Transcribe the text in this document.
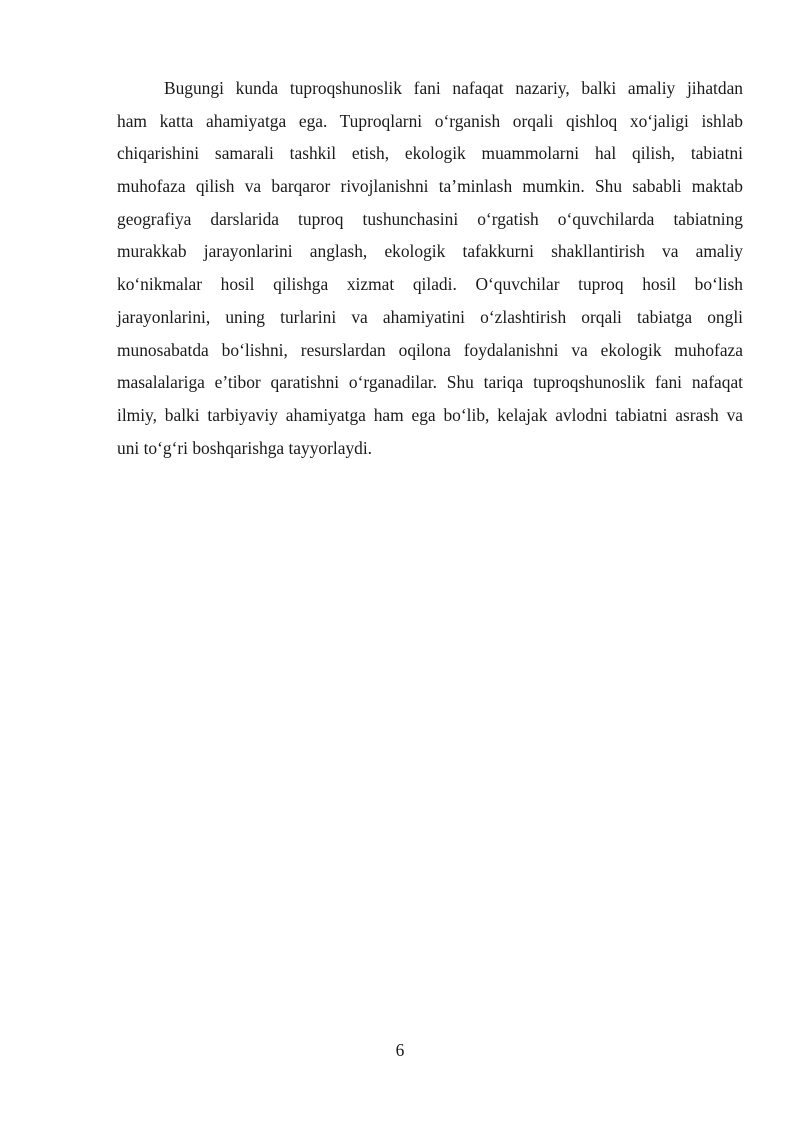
Bugungi kunda tuproqshunoslik fani nafaqat nazariy, balki amaliy jihatdan
ham katta ahamiyatga ega. Tuproqlarni o‘rganish orqali qishloq xo‘jaligi ishlab
chiqarishini samarali tashkil etish, ekologik muammolarni hal qilish, tabiatni
muhofaza qilish va barqaror rivojlanishni ta’minlash mumkin. Shu sababli maktab
geografiya darslarida tuproq tushunchasini o‘rgatish o‘quvchilarda tabiatning
murakkab jarayonlarini anglash, ekologik tafakkurni shakllantirish va amaliy
ko‘nikmalar hosil qilishga xizmat qiladi. O‘quvchilar tuproq hosil bo‘lish
jarayonlarini, uning turlarini va ahamiyatini o‘zlashtirish orqali tabiatga ongli
munosabatda bo‘lishni, resurslardan oqilona foydalanishni va ekologik muhofaza
masalalariga e’tibor qaratishni o‘rganadilar. Shu tariqa tuproqshunoslik fani nafaqat
ilmiy, balki tarbiyaviy ahamiyatga ham ega bo‘lib, kelajak avlodni tabiatni asrash va
uni to‘g‘ri boshqarishga tayyorlaydi.
6
